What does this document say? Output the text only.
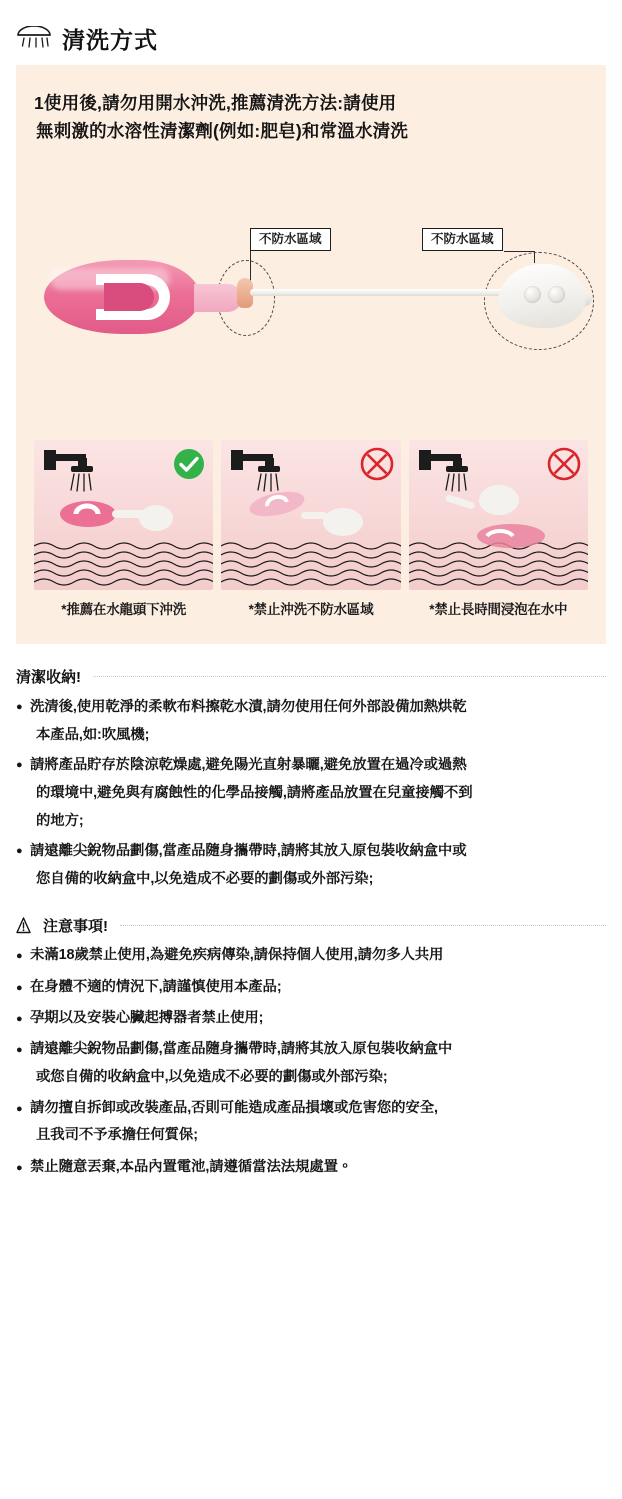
清洗方式
1使用後,請勿用開水沖洗,推薦清洗方法:請使用
無刺激的水溶性清潔劑(例如:肥皂)和常溫水清洗
不防水區域	不防水區域
*推薦在水龍頭下沖洗	*禁止沖洗不防水區域	*禁止長時間浸泡在水中
清潔收納!
● 洗清後,使用乾淨的柔軟布料擦乾水漬,請勿使用任何外部設備加熱烘乾
本產品,如:吹風機;
● 請將產品貯存於陰涼乾燥處,避免陽光直射暴曬,避免放置在過冷或過熱
的環境中,避免與有腐蝕性的化學品接觸,請將產品放置在兒童接觸不到
的地方;
● 請遠離尖銳物品劃傷,當產品隨身攜帶時,請將其放入原包裝收納盒中或
您自備的收納盒中,以免造成不必要的劃傷或外部污染;
注意事項!
● 未滿18歲禁止使用,為避免疾病傳染,請保持個人使用,請勿多人共用
● 在身體不適的情況下,請謹慎使用本產品;
● 孕期以及安裝心臟起搏器者禁止使用;
● 請遠離尖銳物品劃傷,當產品隨身攜帶時,請將其放入原包裝收納盒中
或您自備的收納盒中,以免造成不必要的劃傷或外部污染;
● 請勿擅自拆卸或改裝產品,否則可能造成產品損壞或危害您的安全,
且我司不予承擔任何質保;
● 禁止隨意丟棄,本品內置電池,請遵循當法法規處置。
